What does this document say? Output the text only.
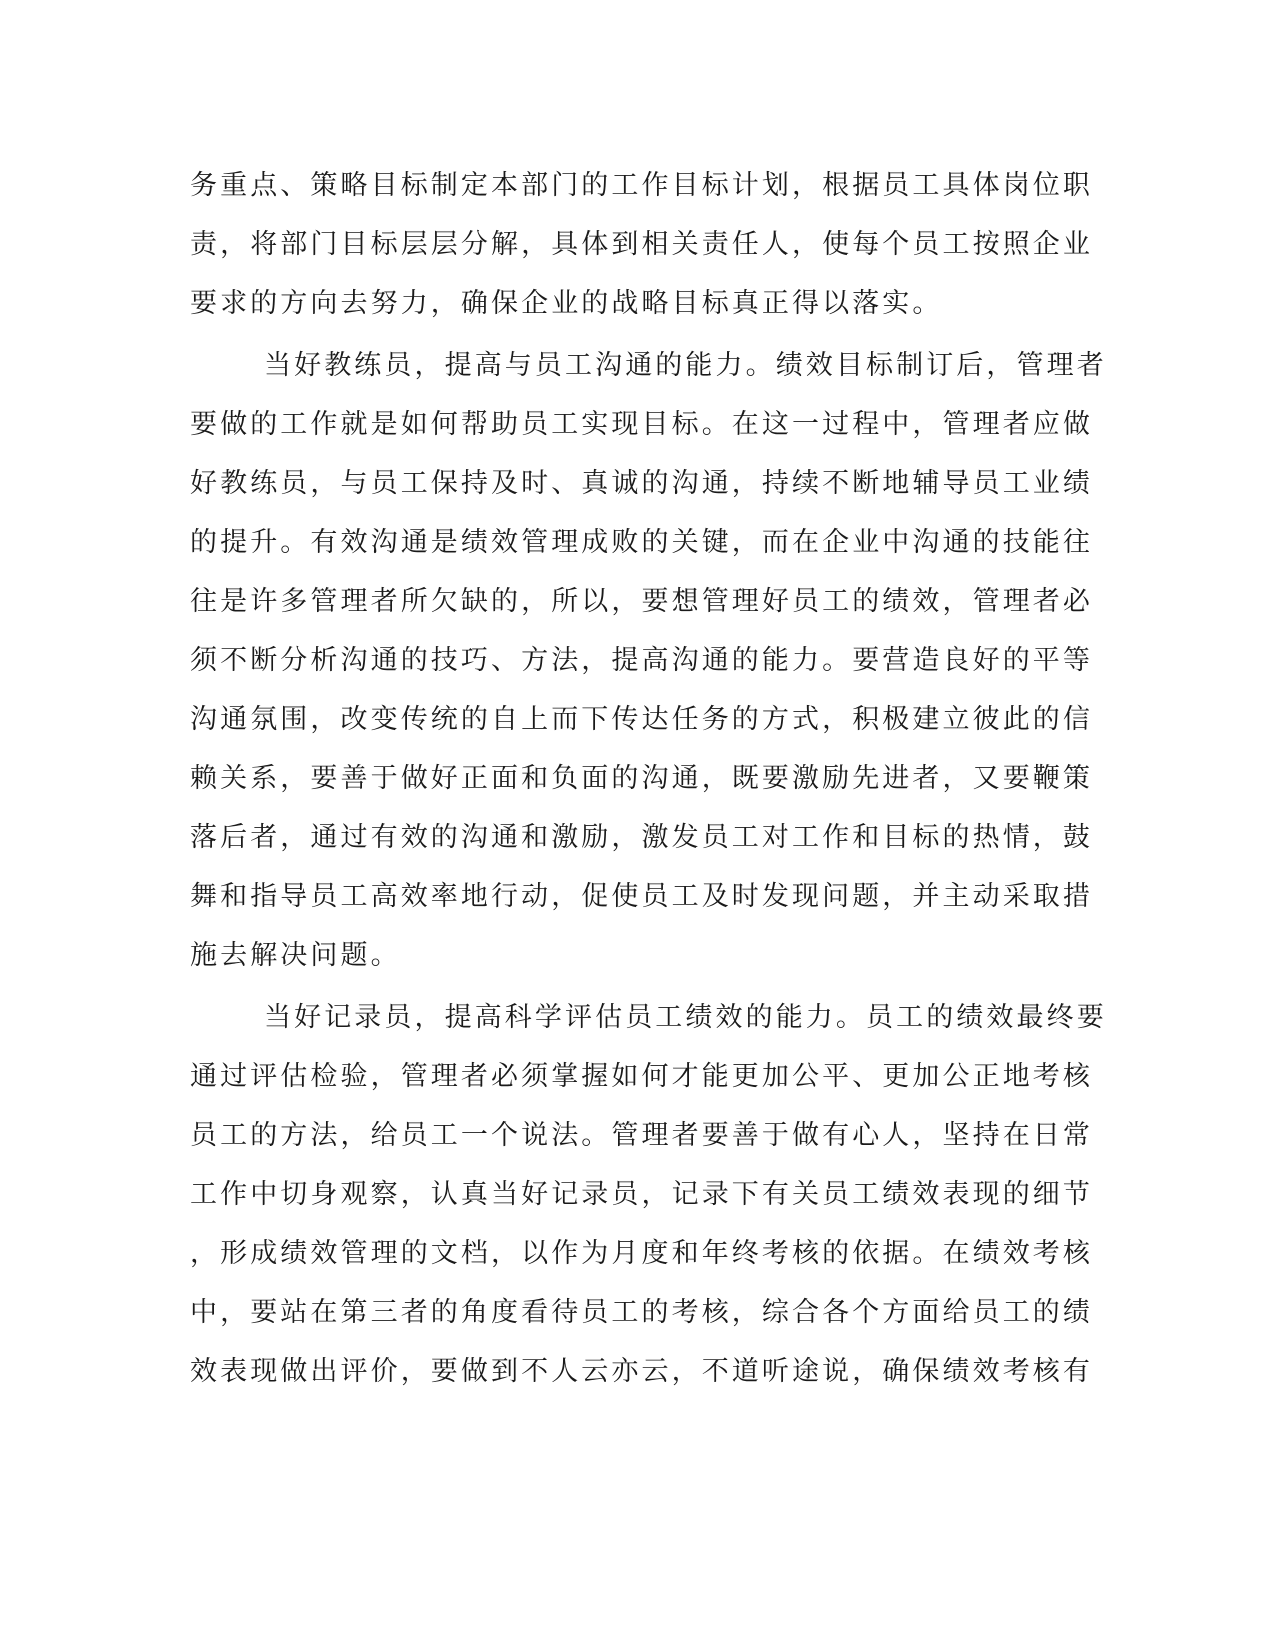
务重点、策略目标制定本部门的工作目标计划，根据员工具体岗位职
责，将部门目标层层分解，具体到相关责任人，使每个员工按照企业
要求的方向去努力，确保企业的战略目标真正得以落实。
当好教练员，提高与员工沟通的能力。绩效目标制订后，管理者
要做的工作就是如何帮助员工实现目标。在这一过程中，管理者应做
好教练员，与员工保持及时、真诚的沟通，持续不断地辅导员工业绩
的提升。有效沟通是绩效管理成败的关键，而在企业中沟通的技能往
往是许多管理者所欠缺的，所以，要想管理好员工的绩效，管理者必
须不断分析沟通的技巧、方法，提高沟通的能力。要营造良好的平等
沟通氛围，改变传统的自上而下传达任务的方式，积极建立彼此的信
赖关系，要善于做好正面和负面的沟通，既要激励先进者，又要鞭策
落后者，通过有效的沟通和激励，激发员工对工作和目标的热情，鼓
舞和指导员工高效率地行动，促使员工及时发现问题，并主动采取措
施去解决问题。
当好记录员，提高科学评估员工绩效的能力。员工的绩效最终要
通过评估检验，管理者必须掌握如何才能更加公平、更加公正地考核
员工的方法，给员工一个说法。管理者要善于做有心人，坚持在日常
工作中切身观察，认真当好记录员，记录下有关员工绩效表现的细节
，形成绩效管理的文档，以作为月度和年终考核的依据。在绩效考核
中，要站在第三者的角度看待员工的考核，综合各个方面给员工的绩
效表现做出评价，要做到不人云亦云，不道听途说，确保绩效考核有
